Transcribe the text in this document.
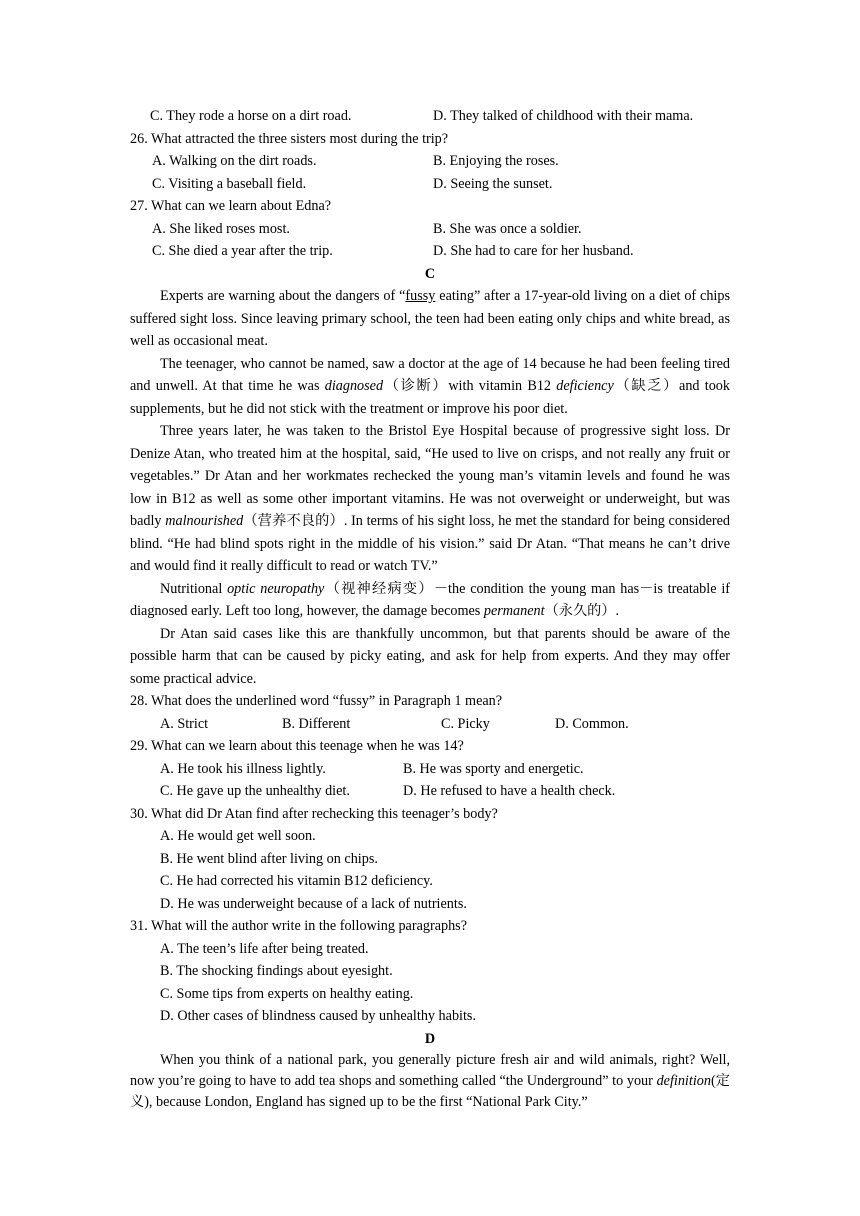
C. They rode a horse on a dirt road.	D. They talked of childhood with their mama.
26. What attracted the three sisters most during the trip?
A. Walking on the dirt roads.	B. Enjoying the roses.
C. Visiting a baseball field.	D. Seeing the sunset.
27. What can we learn about Edna?
A. She liked roses most.	B. She was once a soldier.
C. She died a year after the trip.	D. She had to care for her husband.
C

Experts are warning about the dangers of “fussy eating” after a 17-year-old living on a diet of chips suffered sight loss. Since leaving primary school, the teen had been eating only chips and white bread, as well as occasional meat.

The teenager, who cannot be named, saw a doctor at the age of 14 because he had been feeling tired and unwell. At that time he was diagnosed（诊断）with vitamin B12 deficiency（缺乏）and took supplements, but he did not stick with the treatment or improve his poor diet.

Three years later, he was taken to the Bristol Eye Hospital because of progressive sight loss. Dr Denize Atan, who treated him at the hospital, said, “He used to live on crisps, and not really any fruit or vegetables.” Dr Atan and her workmates rechecked the young man’s vitamin levels and found he was low in B12 as well as some other important vitamins. He was not overweight or underweight, but was badly malnourished（营养不良的）. In terms of his sight loss, he met the standard for being considered blind. “He had blind spots right in the middle of his vision.” said Dr Atan. “That means he can’t drive and would find it really difficult to read or watch TV.”

Nutritional optic neuropathy（视神经病变）－the condition the young man has－is treatable if diagnosed early. Left too long, however, the damage becomes permanent（永久的）.

Dr Atan said cases like this are thankfully uncommon, but that parents should be aware of the possible harm that can be caused by picky eating, and ask for help from experts. And they may offer some practical advice.

28. What does the underlined word “fussy” in Paragraph 1 mean?
A. Strict	B. Different	C. Picky	D. Common.
29. What can we learn about this teenage when he was 14?
A. He took his illness lightly.	B. He was sporty and energetic.
C. He gave up the unhealthy diet.	D. He refused to have a health check.
30. What did Dr Atan find after rechecking this teenager’s body?
A. He would get well soon.
B. He went blind after living on chips.
C. He had corrected his vitamin B12 deficiency.
D. He was underweight because of a lack of nutrients.
31. What will the author write in the following paragraphs?
A. The teen’s life after being treated.
B. The shocking findings about eyesight.
C. Some tips from experts on healthy eating.
D. Other cases of blindness caused by unhealthy habits.
D

When you think of a national park, you generally picture fresh air and wild animals, right? Well, now you’re going to have to add tea shops and something called “the Underground” to your definition(定义), because London, England has signed up to be the first “National Park City.”
